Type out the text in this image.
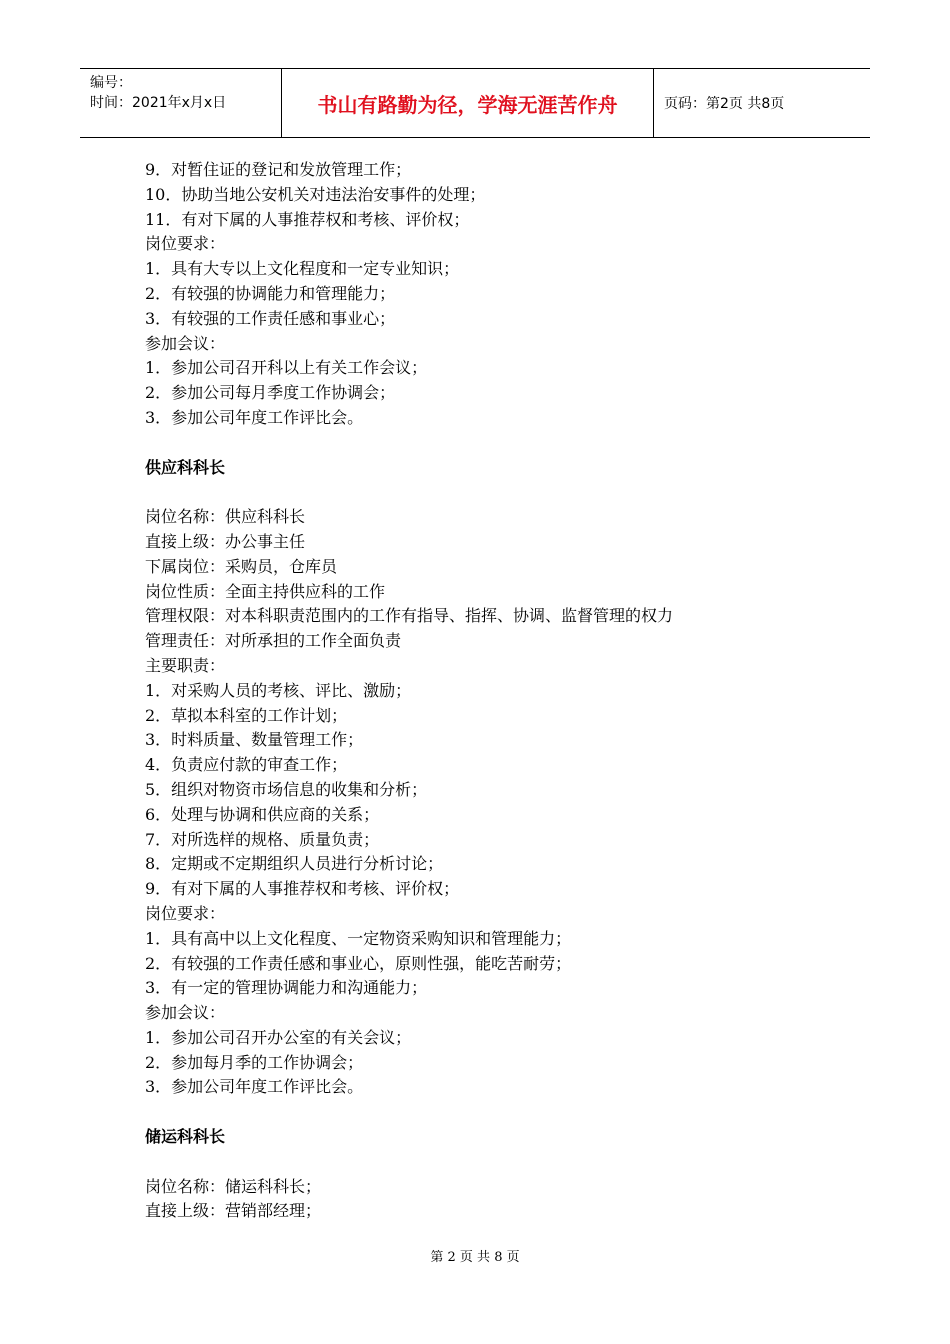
编号：
时间：2021年x月x日	书山有路勤为径，学海无涯苦作舟	页码：第2页 共8页
9．对暂住证的登记和发放管理工作；
10．协助当地公安机关对违法治安事件的处理；
11．有对下属的人事推荐权和考核、评价权；
岗位要求：
1．具有大专以上文化程度和一定专业知识；
2．有较强的协调能力和管理能力；
3．有较强的工作责任感和事业心；
参加会议：
1．参加公司召开科以上有关工作会议；
2．参加公司每月季度工作协调会；
3．参加公司年度工作评比会。
供应科科长
岗位名称：供应科科长
直接上级：办公事主任
下属岗位：采购员，仓库员
岗位性质：全面主持供应科的工作
管理权限：对本科职责范围内的工作有指导、指挥、协调、监督管理的权力
管理责任：对所承担的工作全面负责
主要职责：
1．对采购人员的考核、评比、激励；
2．草拟本科室的工作计划；
3．时料质量、数量管理工作；
4．负责应付款的审查工作；
5．组织对物资市场信息的收集和分析；
6．处理与协调和供应商的关系；
7．对所选样的规格、质量负责；
8．定期或不定期组织人员进行分析讨论；
9．有对下属的人事推荐权和考核、评价权；
岗位要求：
1．具有高中以上文化程度、一定物资采购知识和管理能力；
2．有较强的工作责任感和事业心，原则性强，能吃苦耐劳；
3．有一定的管理协调能力和沟通能力；
参加会议：
1．参加公司召开办公室的有关会议；
2．参加每月季的工作协调会；
3．参加公司年度工作评比会。
储运科科长
岗位名称：储运科科长；
直接上级：营销部经理；
第 2 页 共 8 页
